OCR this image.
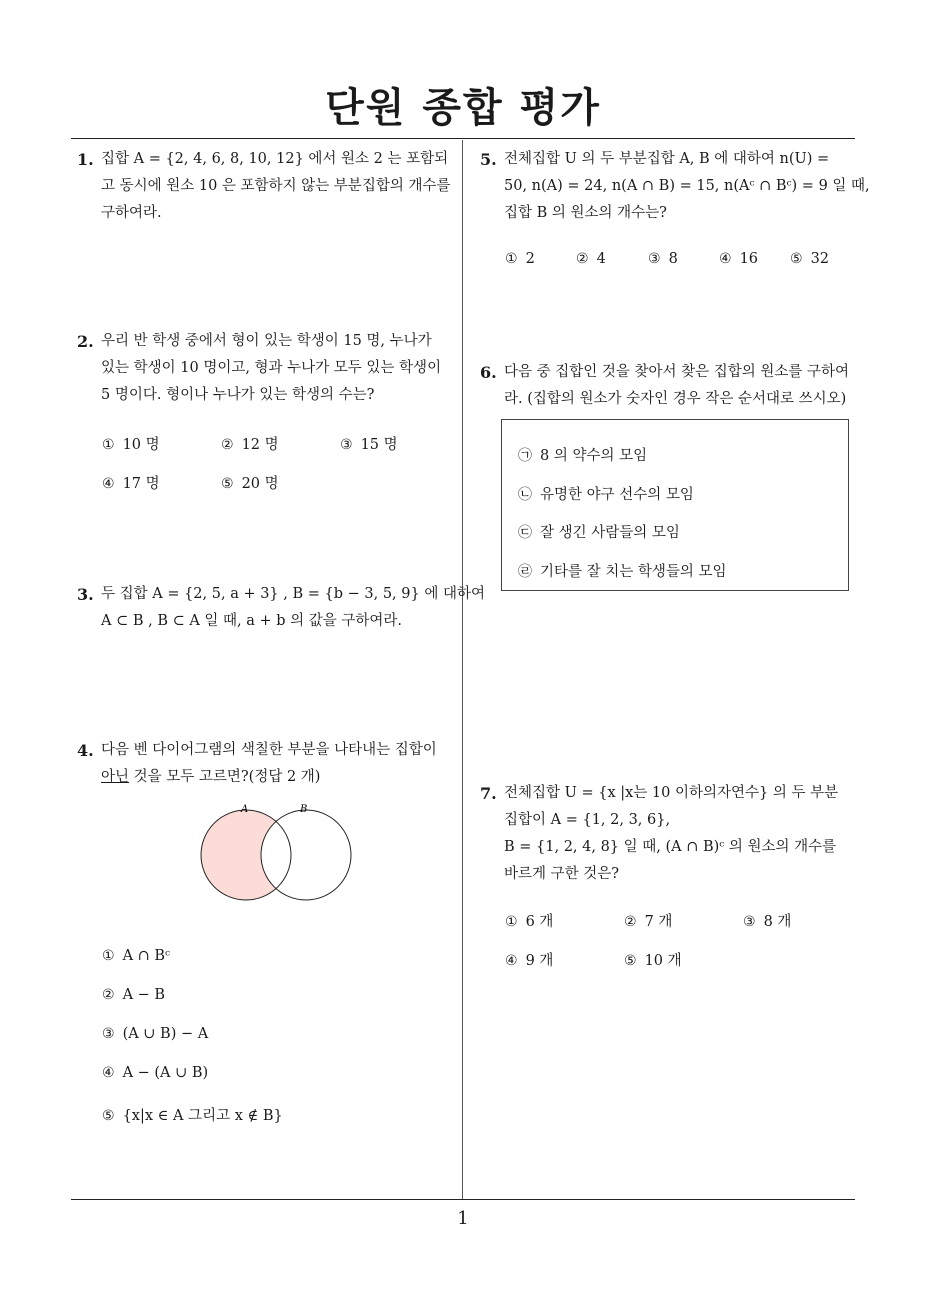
단원 종합 평가
1
1. 집합 A = {2, 4, 6, 8, 10, 12} 에서 원소 2 는 포함되
고 동시에 원소 10 은 포함하지 않는 부분집합의 개수를
구하여라.
2. 우리 반 학생 중에서 형이 있는 학생이 15 명, 누나가
있는 학생이 10 명이고, 형과 누나가 모두 있는 학생이
5 명이다. 형이나 누나가 있는 학생의 수는?
① 10 명	② 12 명	③ 15 명
④ 17 명	⑤ 20 명
3. 두 집합 A = {2, 5, a + 3} , B = {b − 3, 5, 9} 에 대하여
A ⊂ B , B ⊂ A 일 때, a + b 의 값을 구하여라.
4. 다음 벤 다이어그램의 색칠한 부분을 나타내는 집합이
아닌 것을 모두 고르면?(정답 2 개)
A	B
① A ∩ Bᶜ
② A − B
③ (A ∪ B) − A
④ A − (A ∪ B)
⑤ {x|x ∈ A 그리고 x ∉ B}
5. 전체집합 U 의 두 부분집합 A, B 에 대하여 n(U) =
50, n(A) = 24, n(A ∩ B) = 15, n(Aᶜ ∩ Bᶜ) = 9 일 때,
집합 B 의 원소의 개수는?
① 2	② 4	③ 8	④ 16 ⑤ 32
6. 다음 중 집합인 것을 찾아서 찾은 집합의 원소를 구하여
라. (집합의 원소가 숫자인 경우 작은 순서대로 쓰시오)
㉠ 8 의 약수의 모임
㉡ 유명한 야구 선수의 모임
㉢ 잘 생긴 사람들의 모임
㉣ 기타를 잘 치는 학생들의 모임
7. 전체집합 U = {x |x는 10 이하의자연수} 의 두 부분
집합이 A = {1, 2, 3, 6},
B = {1, 2, 4, 8} 일 때, (A ∩ B)ᶜ 의 원소의 개수를
바르게 구한 것은?
① 6 개	② 7 개	③ 8 개
④ 9 개	⑤ 10 개
